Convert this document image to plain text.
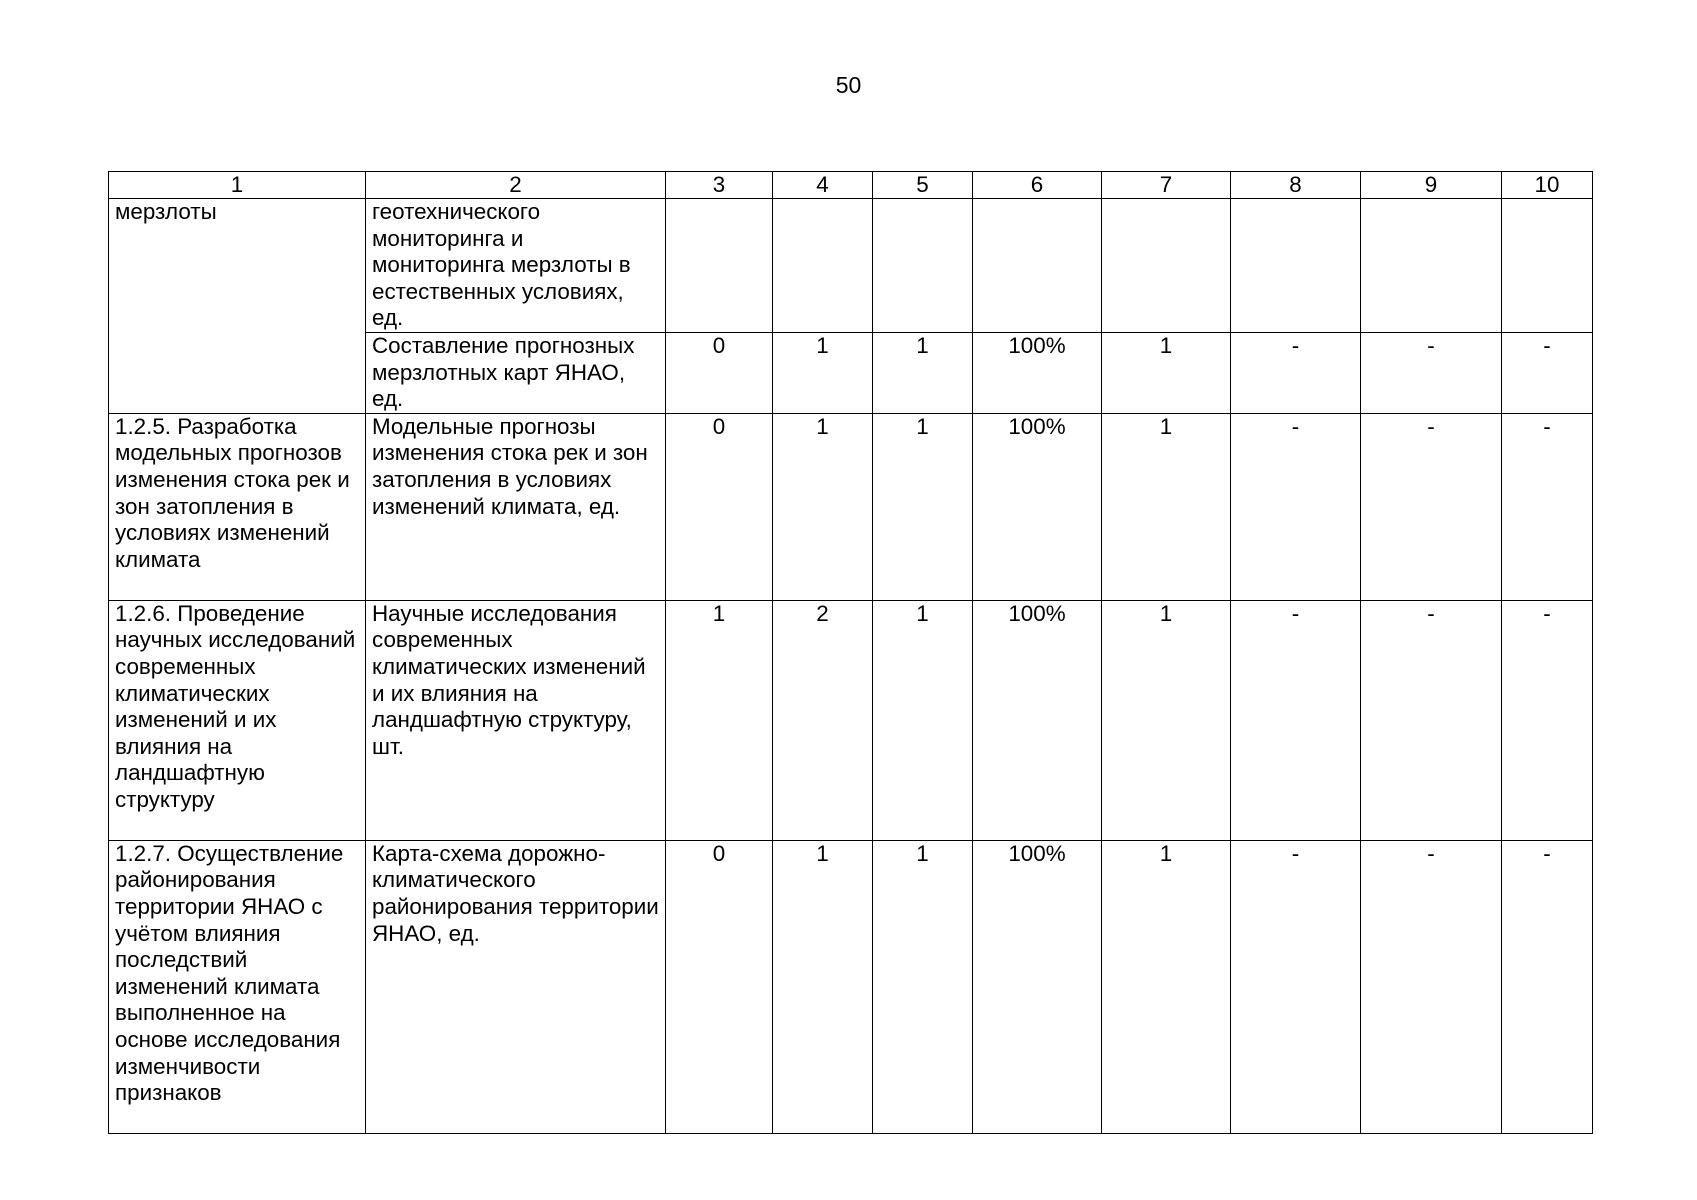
50
1	2	3	4	5	6	7	8	9	10
мерзлоты	геотехнического мониторинга и мониторинга мерзлоты в естественных условиях, ед.								
	Составление прогнозных мерзлотных карт ЯНАО, ед.	0	1	1	100%	1	-	-	-
1.2.5. Разработка модельных прогнозов изменения стока рек и зон затопления в условиях изменений климата	Модельные прогнозы изменения стока рек и зон затопления в условиях изменений климата, ед.	0	1	1	100%	1	-	-	-
1.2.6. Проведение научных исследований современных климатических изменений и их влияния на ландшафтную структуру	Научные исследования современных климатических изменений и их влияния на ландшафтную структуру, шт.	1	2	1	100%	1	-	-	-
1.2.7. Осуществление районирования территории ЯНАО с учётом влияния последствий изменений климата выполненное на основе исследования изменчивости признаков	Карта-схема дорожно-климатического районирования территории ЯНАО, ед.	0	1	1	100%	1	-	-	-
